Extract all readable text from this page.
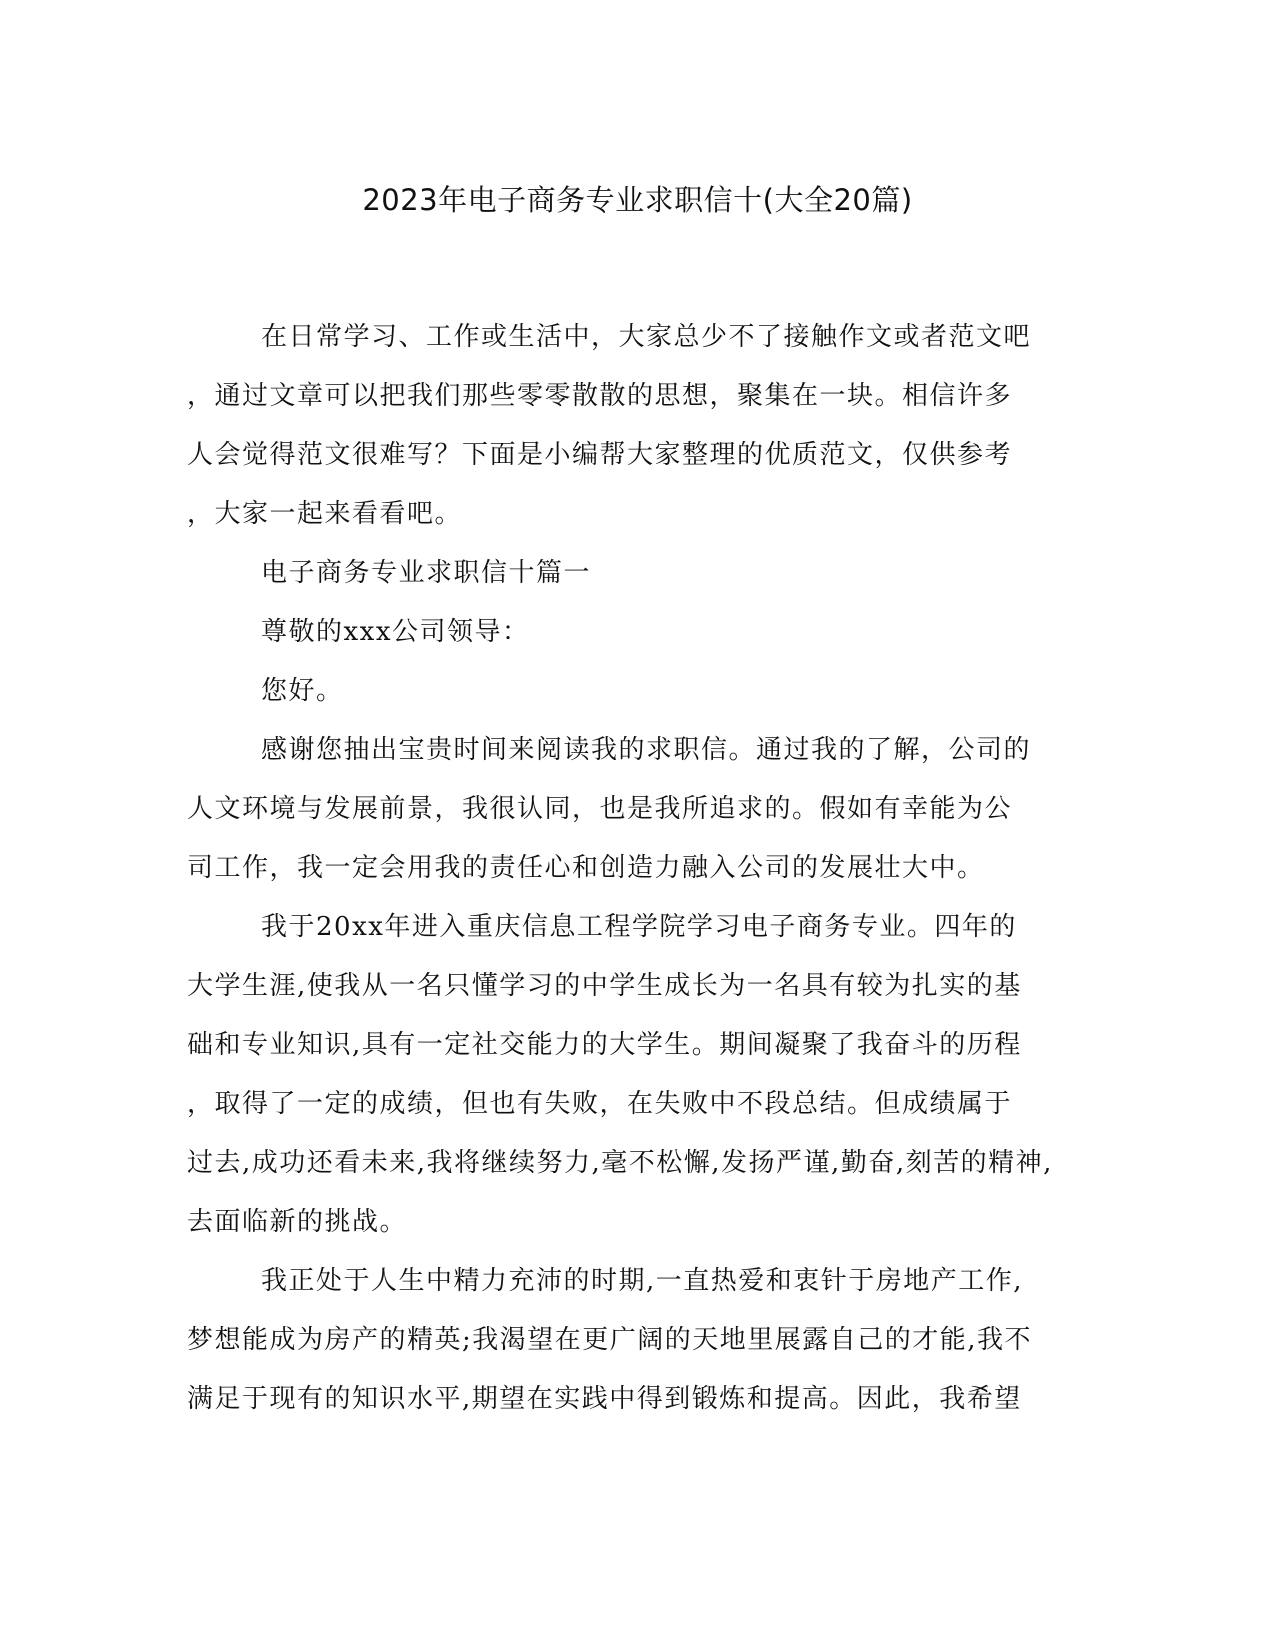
2023年电子商务专业求职信十(大全20篇)
在日常学习、工作或生活中，大家总少不了接触作文或者范文吧
，通过文章可以把我们那些零零散散的思想，聚集在一块。相信许多
人会觉得范文很难写？下面是小编帮大家整理的优质范文，仅供参考
，大家一起来看看吧。
电子商务专业求职信十篇一
尊敬的xxx公司领导：
您好。
感谢您抽出宝贵时间来阅读我的求职信。通过我的了解，公司的
人文环境与发展前景，我很认同，也是我所追求的。假如有幸能为公
司工作，我一定会用我的责任心和创造力融入公司的发展壮大中。
我于20xx年进入重庆信息工程学院学习电子商务专业。四年的
大学生涯,使我从一名只懂学习的中学生成长为一名具有较为扎实的基
础和专业知识,具有一定社交能力的大学生。期间凝聚了我奋斗的历程
，取得了一定的成绩，但也有失败，在失败中不段总结。但成绩属于
过去,成功还看未来,我将继续努力,毫不松懈,发扬严谨,勤奋,刻苦的精神,
去面临新的挑战。
我正处于人生中精力充沛的时期,一直热爱和衷针于房地产工作,
梦想能成为房产的精英;我渴望在更广阔的天地里展露自己的才能,我不
满足于现有的知识水平,期望在实践中得到锻炼和提高。因此，我希望
